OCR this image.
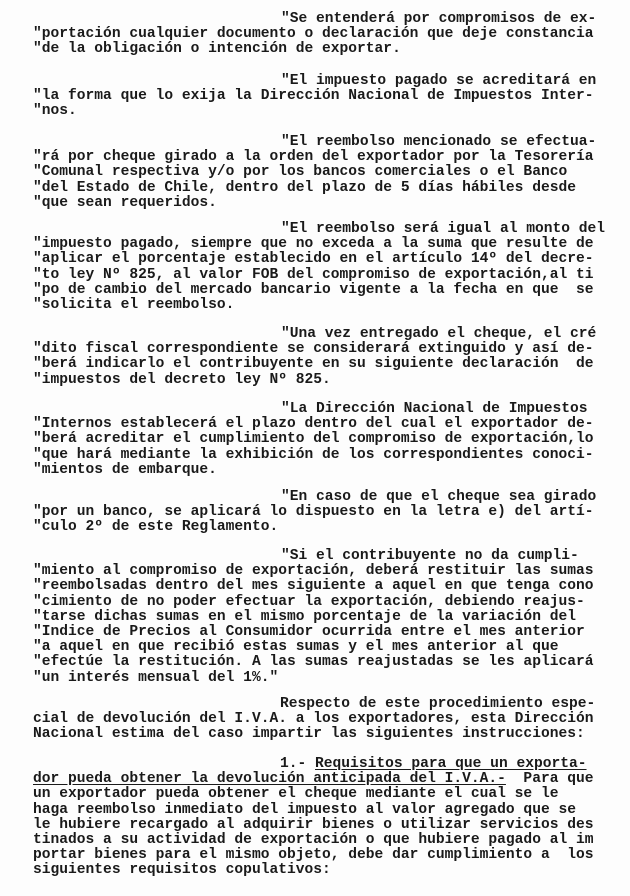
"Se entenderá por compromisos de ex-
"portación cualquier documento o declaración que deje constancia
"de la obligación o intención de exportar.
"El impuesto pagado se acreditará en
"la forma que lo exija la Dirección Nacional de Impuestos Inter-
"nos.
"El reembolso mencionado se efectua-
"rá por cheque girado a la orden del exportador por la Tesorería
"Comunal respectiva y/o por los bancos comerciales o el Banco
"del Estado de Chile, dentro del plazo de 5 días hábiles desde
"que sean requeridos.
"El reembolso será igual al monto del
"impuesto pagado, siempre que no exceda a la suma que resulte de
"aplicar el porcentaje establecido en el artículo 14º del decre-
"to ley Nº 825, al valor FOB del compromiso de exportación,al ti
"po de cambio del mercado bancario vigente a la fecha en que  se
"solicita el reembolso.
"Una vez entregado el cheque, el cré
"dito fiscal correspondiente se considerará extinguido y así de-
"berá indicarlo el contribuyente en su siguiente declaración  de
"impuestos del decreto ley Nº 825.
"La Dirección Nacional de Impuestos
"Internos establecerá el plazo dentro del cual el exportador de-
"berá acreditar el cumplimiento del compromiso de exportación,lo
"que hará mediante la exhibición de los correspondientes conoci-
"mientos de embarque.
"En caso de que el cheque sea girado
"por un banco, se aplicará lo dispuesto en la letra e) del artí-
"culo 2º de este Reglamento.
"Si el contribuyente no da cumpli-
"miento al compromiso de exportación, deberá restituir las sumas
"reembolsadas dentro del mes siguiente a aquel en que tenga cono
"cimiento de no poder efectuar la exportación, debiendo reajus-
"tarse dichas sumas en el mismo porcentaje de la variación del
"Indice de Precios al Consumidor ocurrida entre el mes anterior
"a aquel en que recibió estas sumas y el mes anterior al que
"efectúe la restitución. A las sumas reajustadas se les aplicará
"un interés mensual del 1%."
Respecto de este procedimiento espe-
cial de devolución del I.V.A. a los exportadores, esta Dirección
Nacional estima del caso impartir las siguientes instrucciones:
1.- Requisitos para que un exporta-
dor pueda obtener la devolución anticipada del I.V.A.-  Para que
un exportador pueda obtener el cheque mediante el cual se le
haga reembolso inmediato del impuesto al valor agregado que se
le hubiere recargado al adquirir bienes o utilizar servicios des
tinados a su actividad de exportación o que hubiere pagado al im
portar bienes para el mismo objeto, debe dar cumplimiento a  los
siguientes requisitos copulativos:
